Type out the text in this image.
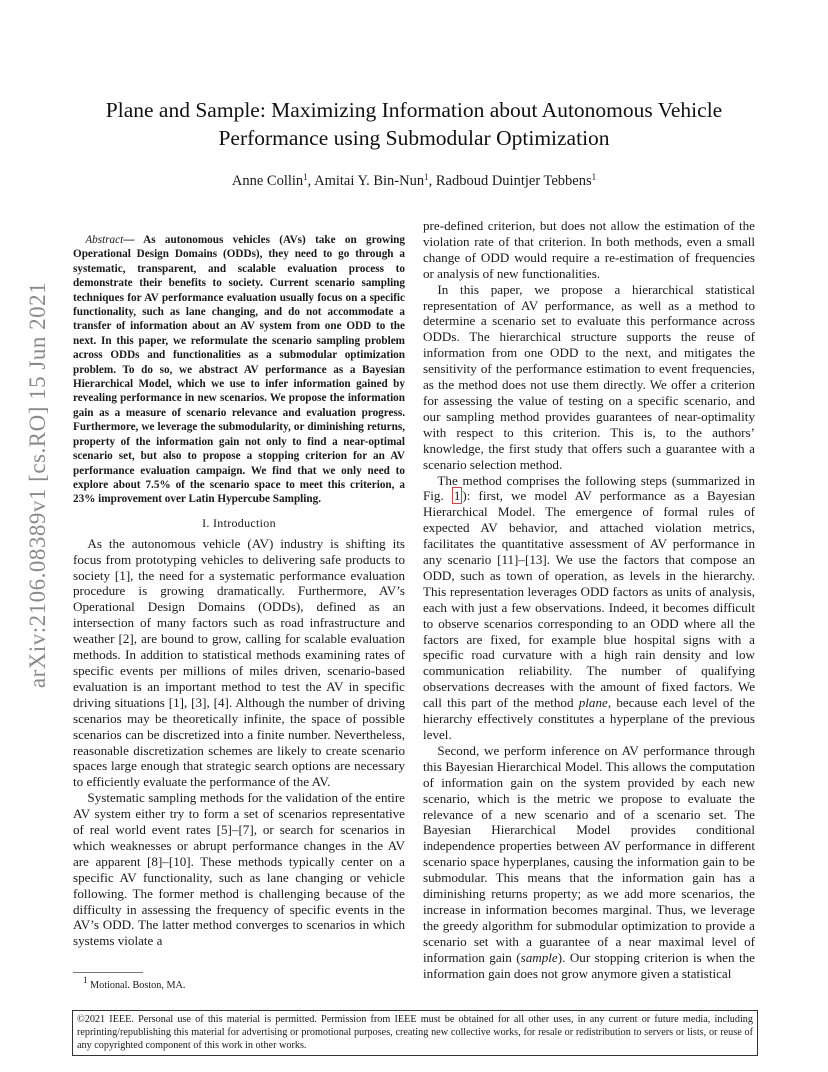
arXiv:2106.08389v1 [cs.RO] 15 Jun 2021
Plane and Sample: Maximizing Information about Autonomous Vehicle
Performance using Submodular Optimization
Anne Collin$^1$, Amitai Y. Bin-Nun$^1$, Radboud Duintjer Tebbens$^1$

Abstract— As autonomous vehicles (AVs) take on growing Operational Design Domains (ODDs), they need to go through a systematic, transparent, and scalable evaluation process to demonstrate their benefits to society. Current scenario sampling techniques for AV performance evaluation usually focus on a specific functionality, such as lane changing, and do not accommodate a transfer of information about an AV system from one ODD to the next. In this paper, we reformulate the scenario sampling problem across ODDs and functionalities as a submodular optimization problem. To do so, we abstract AV performance as a Bayesian Hierarchical Model, which we use to infer information gained by revealing performance in new scenarios. We propose the information gain as a measure of scenario relevance and evaluation progress. Furthermore, we leverage the submodularity, or diminishing returns, property of the information gain not only to find a near-optimal scenario set, but also to propose a stopping criterion for an AV performance evaluation campaign. We find that we only need to explore about 7.5% of the scenario space to meet this criterion, a 23% improvement over Latin Hypercube Sampling.

I. Introduction

As the autonomous vehicle (AV) industry is shifting its focus from prototyping vehicles to delivering safe products to society [1], the need for a systematic performance evaluation procedure is growing dramatically. Furthermore, AV’s Operational Design Domains (ODDs), defined as an intersection of many factors such as road infrastructure and weather [2], are bound to grow, calling for scalable evaluation methods. In addition to statistical methods examining rates of specific events per millions of miles driven, scenario-based evaluation is an important method to test the AV in specific driving situations [1], [3], [4]. Although the number of driving scenarios may be theoretically infinite, the space of possible scenarios can be discretized into a finite number. Nevertheless, reasonable discretization schemes are likely to create scenario spaces large enough that strategic search options are necessary to efficiently evaluate the performance of the AV.

Systematic sampling methods for the validation of the entire AV system either try to form a set of scenarios representative of real world event rates [5]–[7], or search for scenarios in which weaknesses or abrupt performance changes in the AV are apparent [8]–[10]. These methods typically center on a specific AV functionality, such as lane changing or vehicle following. The former method is challenging because of the difficulty in assessing the frequency of specific events in the AV’s ODD. The latter method converges to scenarios in which systems violate a

pre-defined criterion, but does not allow the estimation of the violation rate of that criterion. In both methods, even a small change of ODD would require a re-estimation of frequencies or analysis of new functionalities.

In this paper, we propose a hierarchical statistical representation of AV performance, as well as a method to determine a scenario set to evaluate this performance across ODDs. The hierarchical structure supports the reuse of information from one ODD to the next, and mitigates the sensitivity of the performance estimation to event frequencies, as the method does not use them directly. We offer a criterion for assessing the value of testing on a specific scenario, and our sampling method provides guarantees of near-optimality with respect to this criterion. This is, to the authors’ knowledge, the first study that offers such a guarantee with a scenario selection method.

The method comprises the following steps (summarized in Fig. 1 ): first, we model AV performance as a Bayesian Hierarchical Model. The emergence of formal rules of expected AV behavior, and attached violation metrics, facilitates the quantitative assessment of AV performance in any scenario [11]–[13]. We use the factors that compose an ODD, such as town of operation, as levels in the hierarchy. This representation leverages ODD factors as units of analysis, each with just a few observations. Indeed, it becomes difficult to observe scenarios corresponding to an ODD where all the factors are fixed, for example blue hospital signs with a specific road curvature with a high rain density and low communication reliability. The number of qualifying observations decreases with the amount of fixed factors. We call this part of the method plane, because each level of the hierarchy effectively constitutes a hyperplane of the previous level.

Second, we perform inference on AV performance through this Bayesian Hierarchical Model. This allows the computation of information gain on the system provided by each new scenario, which is the metric we propose to evaluate the relevance of a new scenario and of a scenario set. The Bayesian Hierarchical Model provides conditional independence properties between AV performance in different scenario space hyperplanes, causing the information gain to be submodular. This means that the information gain has a diminishing returns property; as we add more scenarios, the increase in information becomes marginal. Thus, we leverage the greedy algorithm for submodular optimization to provide a scenario set with a guarantee of a near maximal level of information gain (sample). Our stopping criterion is when the information gain does not grow anymore given a statistical

$^1$ Motional. Boston, MA.
©2021 IEEE. Personal use of this material is permitted. Permission from IEEE must be obtained for all other uses, in any current or future media, including reprinting/republishing this material for advertising or promotional purposes, creating new collective works, for resale or redistribution to servers or lists, or reuse of any copyrighted component of this work in other works.
